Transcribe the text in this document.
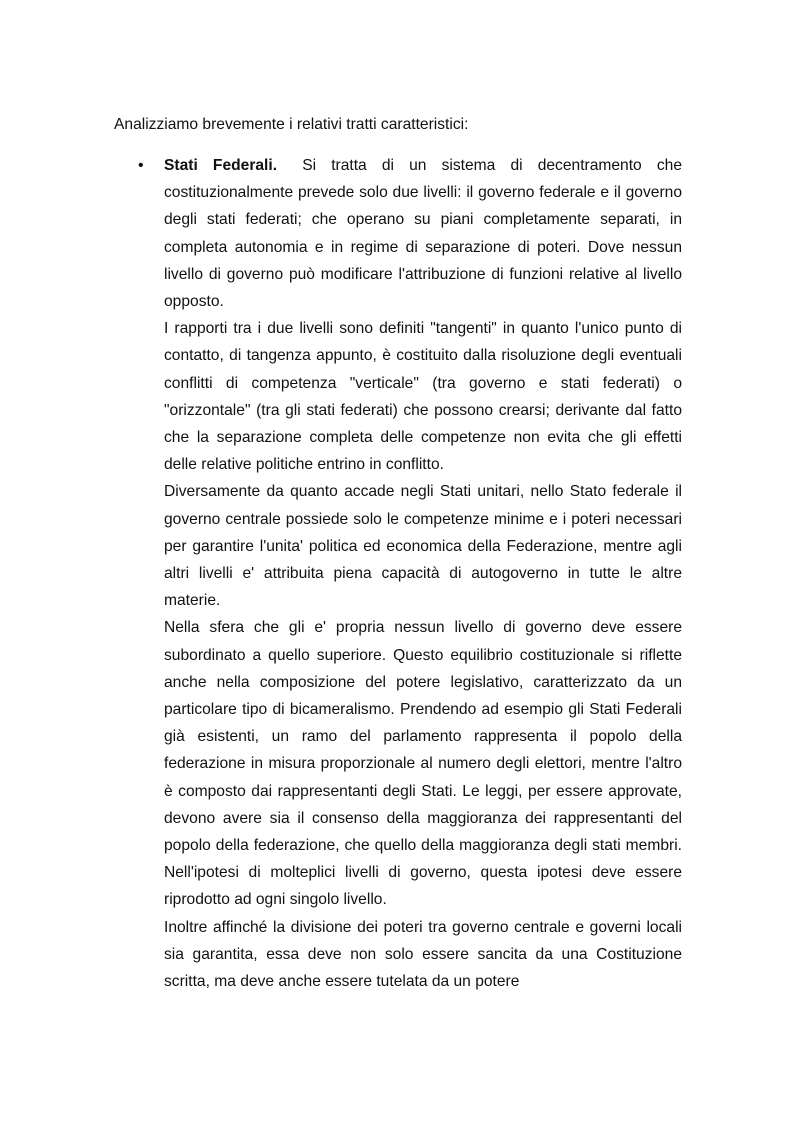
Analizziamo brevemente i relativi tratti caratteristici:
• Stati Federali. Si tratta di un sistema di decentramento che costituzionalmente prevede solo due livelli: il governo federale e il governo degli stati federati; che operano su piani completamente separati, in completa autonomia e in regime di separazione di poteri. Dove nessun livello di governo può modificare l'attribuzione di funzioni relative al livello opposto.

I rapporti tra i due livelli sono definiti "tangenti" in quanto l'unico punto di contatto, di tangenza appunto, è costituito dalla risoluzione degli eventuali conflitti di competenza "verticale" (tra governo e stati federati) o "orizzontale" (tra gli stati federati) che possono crearsi; derivante dal fatto che la separazione completa delle competenze non evita che gli effetti delle relative politiche entrino in conflitto.

Diversamente da quanto accade negli Stati unitari, nello Stato federale il governo centrale possiede solo le competenze minime e i poteri necessari per garantire l'unita' politica ed economica della Federazione, mentre agli altri livelli e' attribuita piena capacità di autogoverno in tutte le altre materie.

Nella sfera che gli e' propria nessun livello di governo deve essere subordinato a quello superiore. Questo equilibrio costituzionale si riflette anche nella composizione del potere legislativo, caratterizzato da un particolare tipo di bicameralismo. Prendendo ad esempio gli Stati Federali già esistenti, un ramo del parlamento rappresenta il popolo della federazione in misura proporzionale al numero degli elettori, mentre l'altro è composto dai rappresentanti degli Stati. Le leggi, per essere approvate, devono avere sia il consenso della maggioranza dei rappresentanti del popolo della federazione, che quello della maggioranza degli stati membri. Nell'ipotesi di molteplici livelli di governo, questa ipotesi deve essere riprodotto ad ogni singolo livello.

Inoltre affinché la divisione dei poteri tra governo centrale e governi locali sia garantita, essa deve non solo essere sancita da una Costituzione scritta, ma deve anche essere tutelata da un potere
